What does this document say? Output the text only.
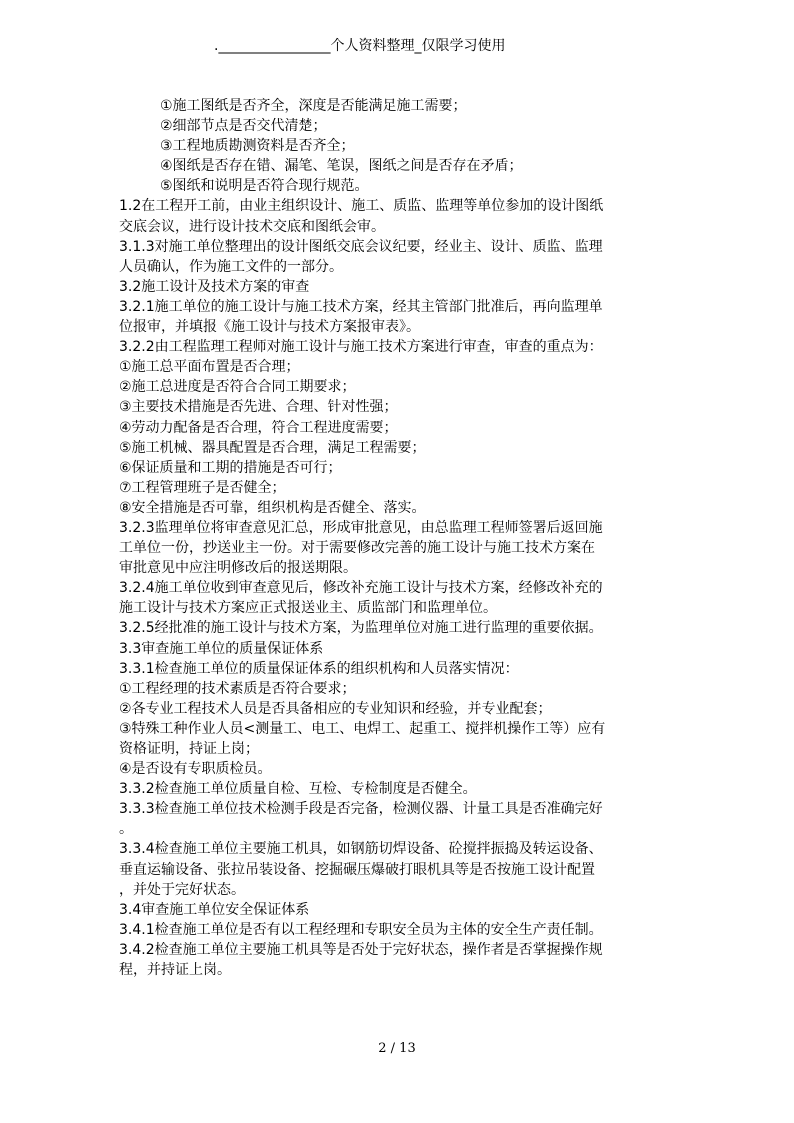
.________________个人资料整理_仅限学习使用
①施工图纸是否齐全，深度是否能满足施工需要；
②细部节点是否交代清楚；
③工程地质勘测资料是否齐全；
④图纸是否存在错、漏笔、笔误，图纸之间是否存在矛盾；
⑤图纸和说明是否符合现行规范。
1.2在工程开工前，由业主组织设计、施工、质监、监理等单位参加的设计图纸
交底会议，进行设计技术交底和图纸会审。
3.1.3对施工单位整理出的设计图纸交底会议纪要，经业主、设计、质监、监理
人员确认，作为施工文件的一部分。
3.2施工设计及技术方案的审查
3.2.1施工单位的施工设计与施工技术方案，经其主管部门批准后，再向监理单
位报审，并填报《施工设计与技术方案报审表》。
3.2.2由工程监理工程师对施工设计与施工技术方案进行审查，审查的重点为：
①施工总平面布置是否合理；
②施工总进度是否符合合同工期要求；
③主要技术措施是否先进、合理、针对性强；
④劳动力配备是否合理，符合工程进度需要；
⑤施工机械、器具配置是否合理，满足工程需要；
⑥保证质量和工期的措施是否可行；
⑦工程管理班子是否健全；
⑧安全措施是否可靠，组织机构是否健全、落实。
3.2.3监理单位将审查意见汇总，形成审批意见，由总监理工程师签署后返回施
工单位一份，抄送业主一份。对于需要修改完善的施工设计与施工技术方案在
审批意见中应注明修改后的报送期限。
3.2.4施工单位收到审查意见后，修改补充施工设计与技术方案，经修改补充的
施工设计与技术方案应正式报送业主、质监部门和监理单位。
3.2.5经批准的施工设计与技术方案，为监理单位对施工进行监理的重要依据。
3.3审查施工单位的质量保证体系
3.3.1检查施工单位的质量保证体系的组织机构和人员落实情况：
①工程经理的技术素质是否符合要求；
②各专业工程技术人员是否具备相应的专业知识和经验，并专业配套；
③特殊工种作业人员<测量工、电工、电焊工、起重工、搅拌机操作工等）应有
资格证明，持证上岗；
④是否设有专职质检员。
3.3.2检查施工单位质量自检、互检、专检制度是否健全。
3.3.3检查施工单位技术检测手段是否完备，检测仪器、计量工具是否准确完好
。
3.3.4检查施工单位主要施工机具，如钢筋切焊设备、砼搅拌振捣及转运设备、
垂直运输设备、张拉吊装设备、挖掘碾压爆破打眼机具等是否按施工设计配置
，并处于完好状态。
3.4审查施工单位安全保证体系
3.4.1检查施工单位是否有以工程经理和专职安全员为主体的安全生产责任制。
3.4.2检查施工单位主要施工机具等是否处于完好状态，操作者是否掌握操作规
程，并持证上岗。
2 / 13
